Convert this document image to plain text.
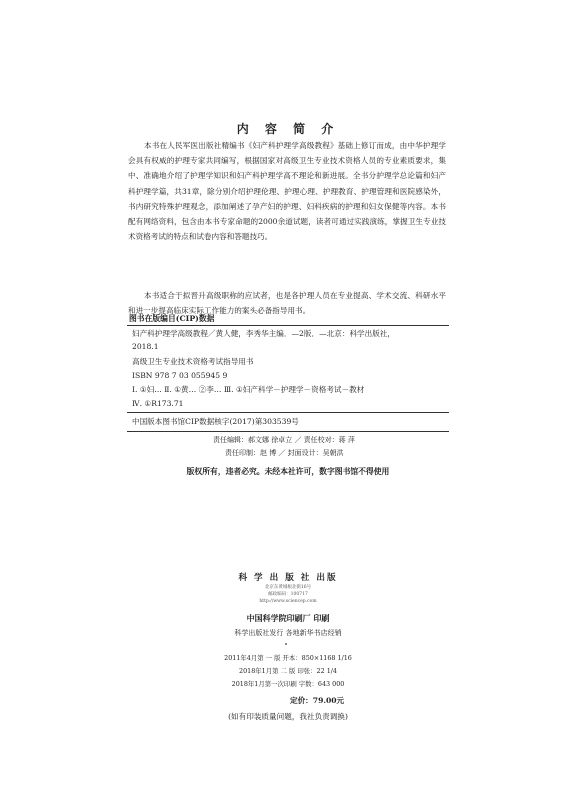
内 容 简 介
本书在人民军医出版社精编书《妇产科护理学高级教程》基础上修订而成，由中华护理学会具有权威的护理专家共同编写，根据国家对高级卫生专业技术资格人员的专业素质要求，集中、准确地介绍了护理学知识和妇产科护理学高不理论和新进展。全书分护理学总论篇和妇产科护理学篇，共31章，除分别介绍护理伦理、护理心理、护理教育、护理管理和医院感染外，书内研究特殊护理观念，添加阐述了孕产妇的护理、妇科疾病的护理和妇女保健等内容。本书配有网络资料，包含由本书专家命题的2000余道试题，读者可通过实践演练，掌握卫生专业技术资格考试的特点和试卷内容和答题技巧。
本书适合于拟晋升高级职称的应试者，也是各护理人员在专业提高、学术交流、科研水平和进一步提高临床实际工作能力的案头必备指导用书。
图书在版编目(CIP)数据
妇产科护理学高级教程／黄人健，李秀华主编．—2版．—北京：科学出版社，
2018.1
高级卫生专业技术资格考试指导用书
ISBN 978 7 03 055945 9
Ⅰ. ①妇… Ⅱ. ①黄… ②李… Ⅲ. ①妇产科学－护理学－资格考试－教材
Ⅳ. ①R173.71
中国版本图书馆CIP数据核字(2017)第303539号
责任编辑：郝文娜 徐卓立 ／ 责任校对：蒋 萍
责任印制：赵 博 ／ 封面设计：吴朝洪
版权所有，违者必究。未经本社许可，数字图书馆不得使用
科 学 出 版 社 出版
北京东黄城根北街16号
邮政编码：100717
http://www.sciencep.com
中国科学院印刷厂 印刷
科学出版社发行 各地新华书店经销
2011年4月第 一 版 开本：850×1168 1/16
2018年1月第 二 版 印张：22 1/4
2018年1月第一次印刷 字数：643 000
定价：79.00元
(如有印装质量问题，我社负责调换)
